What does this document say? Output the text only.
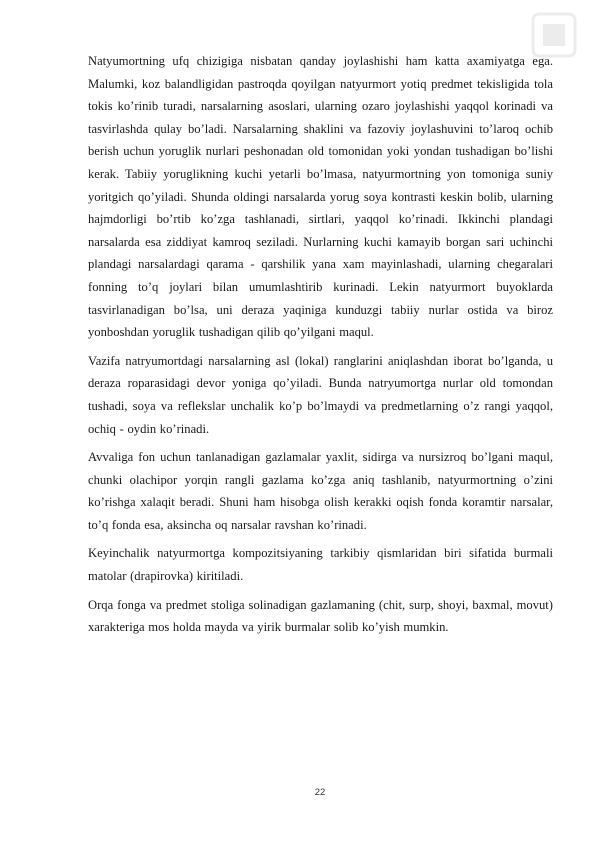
Natyumortning ufq chizigiga nisbatan qanday joylashishi ham katta axamiyatga ega. Malumki, koz balandligidan pastroqda qoyilgan natyurmort yotiq predmet tekisligida tola tokis ko’rinib turadi, narsalarning asoslari, ularning ozaro joylashishi yaqqol korinadi va tasvirlashda qulay bo’ladi. Narsalarning shaklini va fazoviy joylashuvini to’laroq ochib berish uchun yoruglik nurlari peshonadan old tomonidan yoki yondan tushadigan bo’lishi kerak. Tabiiy yoruglikning kuchi yetarli bo’lmasa, natyurmortning yon tomoniga suniy yoritgich qo’yiladi. Shunda oldingi narsalarda yorug soya kontrasti keskin bolib, ularning hajmdorligi bo’rtib ko’zga tashlanadi, sirtlari, yaqqol ko’rinadi. Ikkinchi plandagi narsalarda esa ziddiyat kamroq seziladi. Nurlarning kuchi kamayib borgan sari uchinchi plandagi narsalardagi qarama - qarshilik yana xam mayinlashadi, ularning chegaralari fonning to’q joylari bilan umumlashtirib kurinadi. Lekin natyurmort buyoklarda tasvirlanadigan bo’lsa, uni deraza yaqiniga kunduzgi tabiiy nurlar ostida va biroz yonboshdan yoruglik tushadigan qilib qo’yilgani maqul.

Vazifa natryumortdagi narsalarning asl (lokal) ranglarini aniqlashdan iborat bo’lganda, u deraza roparasidagi devor yoniga qo’yiladi. Bunda natryumortga nurlar old tomondan tushadi, soya va reflekslar unchalik ko’p bo’lmaydi va predmetlarning o’z rangi yaqqol, ochiq - oydin ko’rinadi.

Avvaliga fon uchun tanlanadigan gazlamalar yaxlit, sidirga va nursizroq bo’lgani maqul, chunki olachipor yorqin rangli gazlama ko’zga aniq tashlanib, natyurmortning o’zini ko’rishga xalaqit beradi. Shuni ham hisobga olish kerakki oqish fonda koramtir narsalar, to’q fonda esa, aksincha oq narsalar ravshan ko’rinadi.

Keyinchalik natyurmortga kompozitsiyaning tarkibiy qismlaridan biri sifatida burmali matolar (drapirovka) kiritiladi.

Orqa fonga va predmet stoliga solinadigan gazlamaning (chit, surp, shoyi, baxmal, movut) xarakteriga mos holda mayda va yirik burmalar solib ko’yish mumkin.

22
